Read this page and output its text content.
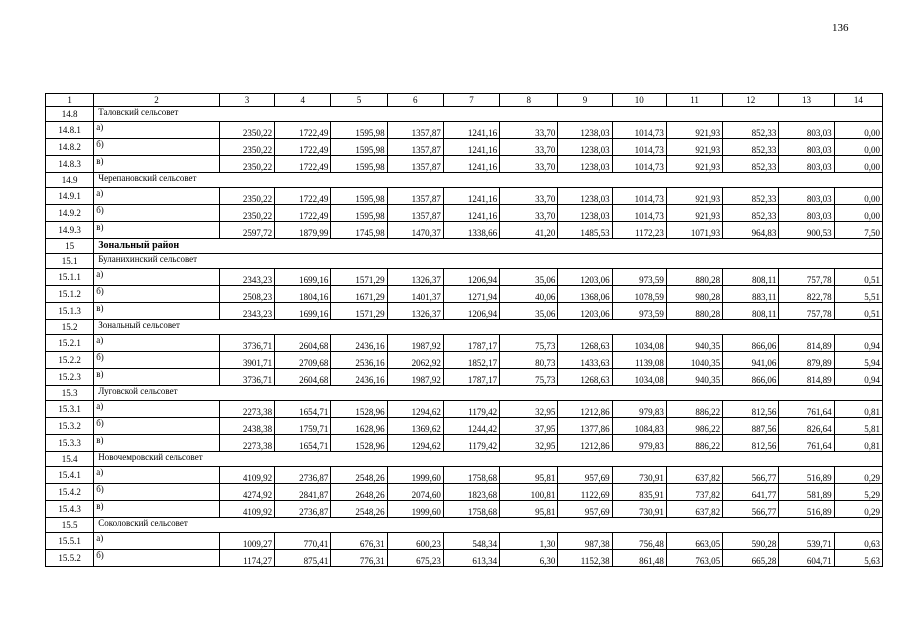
136
1	2	3	4	5	6	7	8	9	10	11	12	13	14
14.8	Таловский сельсовет												
14.8.1	а)	2350,22	1722,49	1595,98	1357,87	1241,16	33,70	1238,03	1014,73	921,93	852,33	803,03	0,00
14.8.2	б)	2350,22	1722,49	1595,98	1357,87	1241,16	33,70	1238,03	1014,73	921,93	852,33	803,03	0,00
14.8.3	в)	2350,22	1722,49	1595,98	1357,87	1241,16	33,70	1238,03	1014,73	921,93	852,33	803,03	0,00
14.9	Черепановский сельсовет												
14.9.1	а)	2350,22	1722,49	1595,98	1357,87	1241,16	33,70	1238,03	1014,73	921,93	852,33	803,03	0,00
14.9.2	б)	2350,22	1722,49	1595,98	1357,87	1241,16	33,70	1238,03	1014,73	921,93	852,33	803,03	0,00
14.9.3	в)	2597,72	1879,99	1745,98	1470,37	1338,66	41,20	1485,53	1172,23	1071,93	964,83	900,53	7,50
15	Зональный район												
15.1	Буланихинский сельсовет												
15.1.1	а)	2343,23	1699,16	1571,29	1326,37	1206,94	35,06	1203,06	973,59	880,28	808,11	757,78	0,51
15.1.2	б)	2508,23	1804,16	1671,29	1401,37	1271,94	40,06	1368,06	1078,59	980,28	883,11	822,78	5,51
15.1.3	в)	2343,23	1699,16	1571,29	1326,37	1206,94	35,06	1203,06	973,59	880,28	808,11	757,78	0,51
15.2	Зональный сельсовет												
15.2.1	а)	3736,71	2604,68	2436,16	1987,92	1787,17	75,73	1268,63	1034,08	940,35	866,06	814,89	0,94
15.2.2	б)	3901,71	2709,68	2536,16	2062,92	1852,17	80,73	1433,63	1139,08	1040,35	941,06	879,89	5,94
15.2.3	в)	3736,71	2604,68	2436,16	1987,92	1787,17	75,73	1268,63	1034,08	940,35	866,06	814,89	0,94
15.3	Луговской сельсовет												
15.3.1	а)	2273,38	1654,71	1528,96	1294,62	1179,42	32,95	1212,86	979,83	886,22	812,56	761,64	0,81
15.3.2	б)	2438,38	1759,71	1628,96	1369,62	1244,42	37,95	1377,86	1084,83	986,22	887,56	826,64	5,81
15.3.3	в)	2273,38	1654,71	1528,96	1294,62	1179,42	32,95	1212,86	979,83	886,22	812,56	761,64	0,81
15.4	Новочемровский сельсовет												
15.4.1	а)	4109,92	2736,87	2548,26	1999,60	1758,68	95,81	957,69	730,91	637,82	566,77	516,89	0,29
15.4.2	б)	4274,92	2841,87	2648,26	2074,60	1823,68	100,81	1122,69	835,91	737,82	641,77	581,89	5,29
15.4.3	в)	4109,92	2736,87	2548,26	1999,60	1758,68	95,81	957,69	730,91	637,82	566,77	516,89	0,29
15.5	Соколовский сельсовет												
15.5.1	а)	1009,27	770,41	676,31	600,23	548,34	1,30	987,38	756,48	663,05	590,28	539,71	0,63
15.5.2	б)	1174,27	875,41	776,31	675,23	613,34	6,30	1152,38	861,48	763,05	665,28	604,71	5,63
